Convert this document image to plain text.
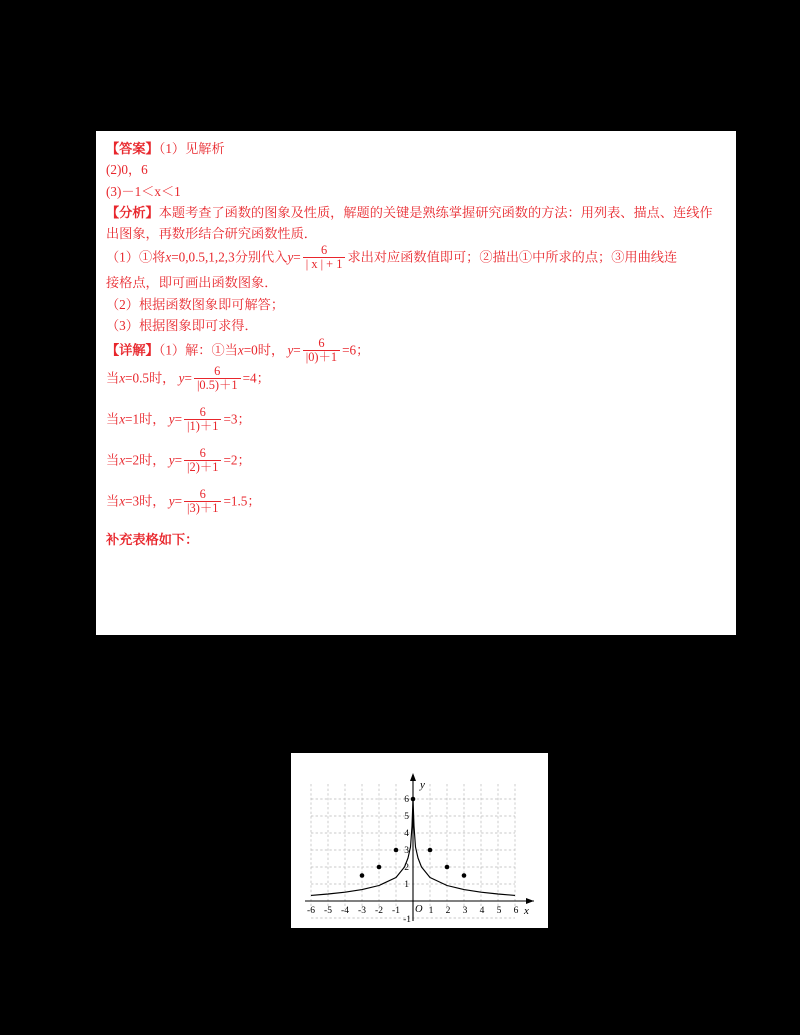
【答案】（1）见解析
(2)0，6
(3)－1＜x＜1
【分析】本题考查了函数的图象及性质，解题的关键是熟练掌握研究函数的方法：用列表、描点、连线作出图象，再数形结合研究函数性质．
（1）①将x=0,0.5,1,2,3分别代入$y= \frac{6}{| x | + 1}$ 求出对应函数值即可；②描出①中所求的点；③用曲线连
接格点，即可画出函数图象．
（2）根据函数图象即可解答；
（3）根据图象即可求得．
【详解】（1）解：①当x=0时， $y= \frac{6}{|0)+1} =6$；
当x=0.5时， $y= \frac{6}{|0.5)+1} =4$；
当x=1时， $y= \frac{6}{|1)+1} =3$；
当x=2时， $y= \frac{6}{|2)+1} =2$；
当x=3时， $y= \frac{6}{|3)+1} =1.5$；
补充表格如下：
-6 -5 -4 -3 -2 -1	1 2 3 4 5 6
6
5
4
3
2
1
-1
y
x
O
